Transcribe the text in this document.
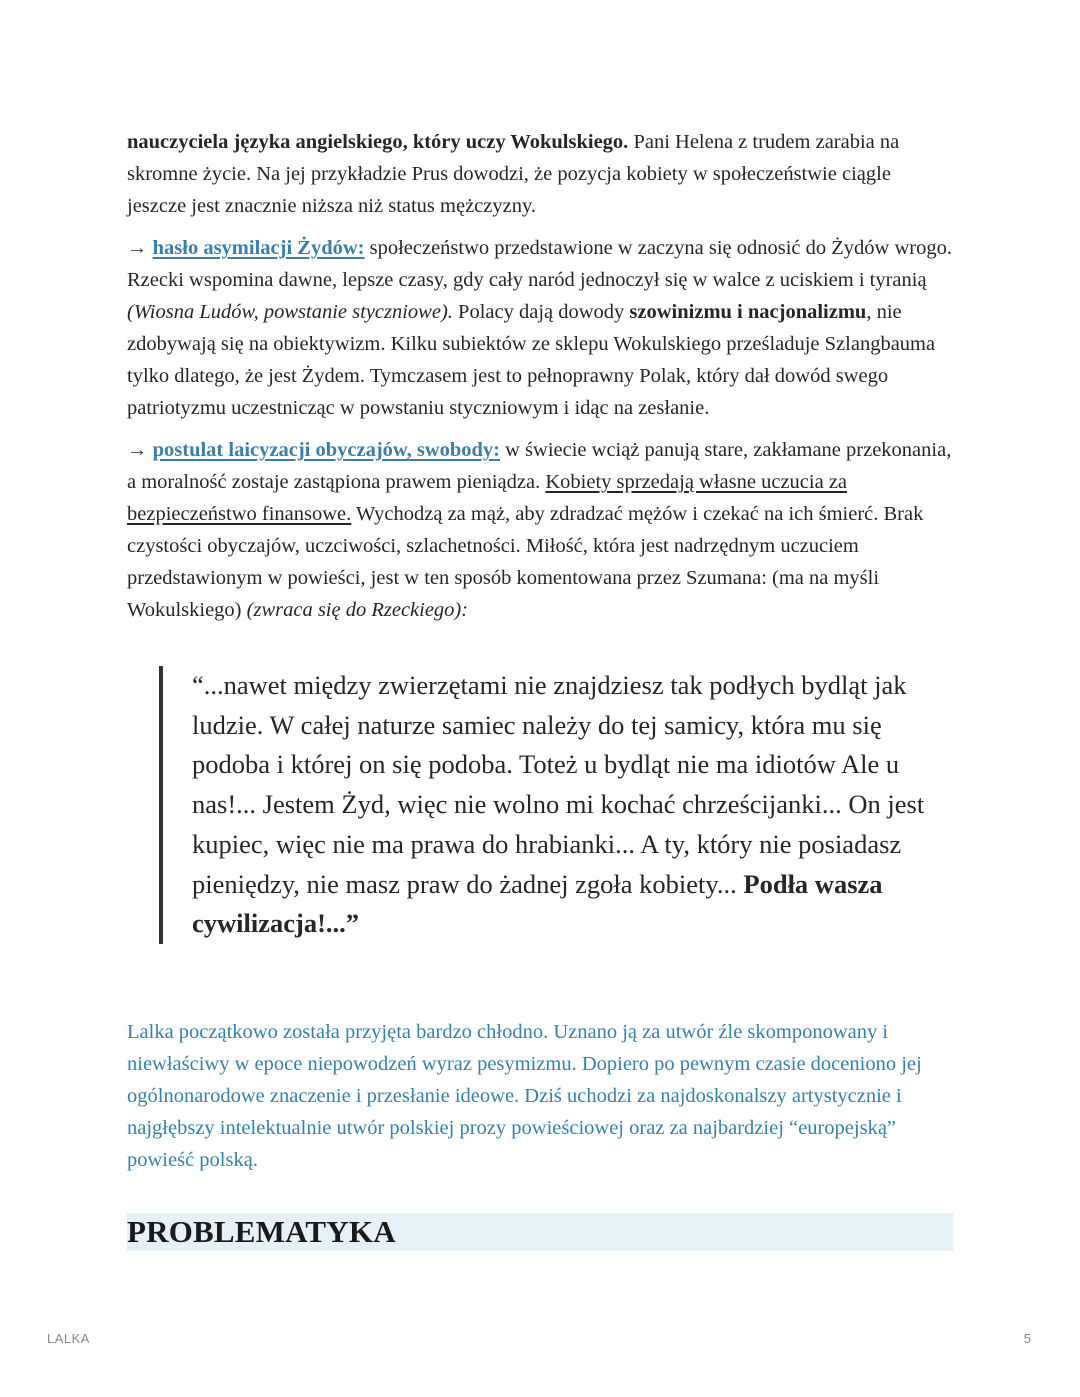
nauczyciela języka angielskiego, który uczy Wokulskiego. Pani Helena z trudem zarabia na skromne życie. Na jej przykładzie Prus dowodzi, że pozycja kobiety w społeczeństwie ciągle jeszcze jest znacznie niższa niż status mężczyzny.

→ hasło asymilacji Żydów: społeczeństwo przedstawione w zaczyna się odnosić do Żydów wrogo. Rzecki wspomina dawne, lepsze czasy, gdy cały naród jednoczył się w walce z uciskiem i tyranią (Wiosna Ludów, powstanie styczniowe). Polacy dają dowody szowinizmu i nacjonalizmu, nie zdobywają się na obiektywizm. Kilku subiektów ze sklepu Wokulskiego prześladuje Szlangbauma tylko dlatego, że jest Żydem. Tymczasem jest to pełnoprawny Polak, który dał dowód swego patriotyzmu uczestnicząc w powstaniu styczniowym i idąc na zesłanie.

→ postulat laicyzacji obyczajów, swobody: w świecie wciąż panują stare, zakłamane przekonania, a moralność zostaje zastąpiona prawem pieniądza. Kobiety sprzedają własne uczucia za bezpieczeństwo finansowe. Wychodzą za mąż, aby zdradzać mężów i czekać na ich śmierć. Brak czystości obyczajów, uczciwości, szlachetności. Miłość, która jest nadrzędnym uczuciem przedstawionym w powieści, jest w ten sposób komentowana przez Szumana: (ma na myśli Wokulskiego) (zwraca się do Rzeckiego):

“...nawet między zwierzętami nie znajdziesz tak podłych bydląt jak ludzie. W całej naturze samiec należy do tej samicy, która mu się podoba i której on się podoba. Toteż u bydląt nie ma idiotów Ale u nas!... Jestem Żyd, więc nie wolno mi kochać chrześcijanki... On jest kupiec, więc nie ma prawa do hrabianki... A ty, który nie posiadasz pieniędzy, nie masz praw do żadnej zgoła kobiety... Podła wasza cywilizacja!...”

Lalka początkowo została przyjęta bardzo chłodno. Uznano ją za utwór źle skomponowany i niewłaściwy w epoce niepowodzeń wyraz pesymizmu. Dopiero po pewnym czasie doceniono jej ogólnonarodowe znaczenie i przesłanie ideowe. Dziś uchodzi za najdoskonalszy artystycznie i najgłębszy intelektualnie utwór polskiej prozy powieściowej oraz za najbardziej “europejską” powieść polską.

PROBLEMATYKA
LALKA	5
